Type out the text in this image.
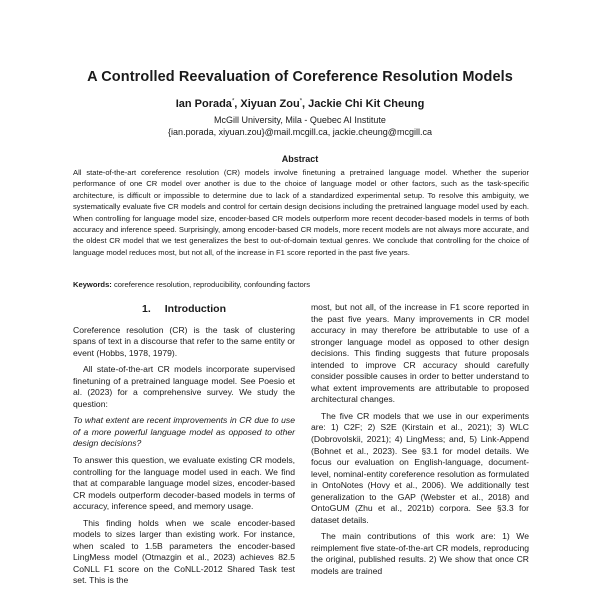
A Controlled Reevaluation of Coreference Resolution Models
Ian Porada*, Xiyuan Zou*, Jackie Chi Kit Cheung
McGill University, Mila - Quebec AI Institute
{ian.porada, xiyuan.zou}@mail.mcgill.ca, jackie.cheung@mcgill.ca
Abstract

All state-of-the-art coreference resolution (CR) models involve finetuning a pretrained language model. Whether the superior performance of one CR model over another is due to the choice of language model or other factors, such as the task-specific architecture, is difficult or impossible to determine due to lack of a standardized experimental setup. To resolve this ambiguity, we systematically evaluate five CR models and control for certain design decisions including the pretrained language model used by each. When controlling for language model size, encoder-based CR models outperform more recent decoder-based models in terms of both accuracy and inference speed. Surprisingly, among encoder-based CR models, more recent models are not always more accurate, and the oldest CR model that we test generalizes the best to out-of-domain textual genres. We conclude that controlling for the choice of language model reduces most, but not all, of the increase in F1 score reported in the past five years.

Keywords: coreference resolution, reproducibility, confounding factors

1. Introduction

Coreference resolution (CR) is the task of clustering spans of text in a discourse that refer to the same entity or event (Hobbs, 1978, 1979).

All state-of-the-art CR models incorporate supervised finetuning of a pretrained language model. See Poesio et al. (2023) for a comprehensive survey. We study the question:

To what extent are recent improvements in CR due to use of a more powerful language model as opposed to other design decisions?

To answer this question, we evaluate existing CR models, controlling for the language model used in each. We find that at comparable language model sizes, encoder-based CR models outperform decoder-based models in terms of accuracy, inference speed, and memory usage.

This finding holds when we scale encoder-based models to sizes larger than existing work. For instance, when scaled to 1.5B parameters the encoder-based LingMess model (Otmazgin et al., 2023) achieves 82.5 CoNLL F1 score on the CoNLL-2012 Shared Task test set. This is the

most, but not all, of the increase in F1 score reported in the past five years. Many improvements in CR model accuracy in may therefore be attributable to use of a stronger language model as opposed to other design decisions. This finding suggests that future proposals intended to improve CR accuracy should carefully consider possible causes in order to better understand to what extent improvements are attributable to proposed architectural changes.

The five CR models that we use in our experiments are: 1) C2F; 2) S2E (Kirstain et al., 2021); 3) WLC (Dobrovolskii, 2021); 4) LingMess; and, 5) Link-Append (Bohnet et al., 2023). See §3.1 for model details. We focus our evaluation on English-language, document-level, nominal-entity coreference resolution as formulated in OntoNotes (Hovy et al., 2006). We additionally test generalization to the GAP (Webster et al., 2018) and OntoGUM (Zhu et al., 2021b) corpora. See §3.3 for dataset details.

The main contributions of this work are: 1) We reimplement five state-of-the-art CR models, reproducing the original, published results. 2) We show that once CR models are trained
